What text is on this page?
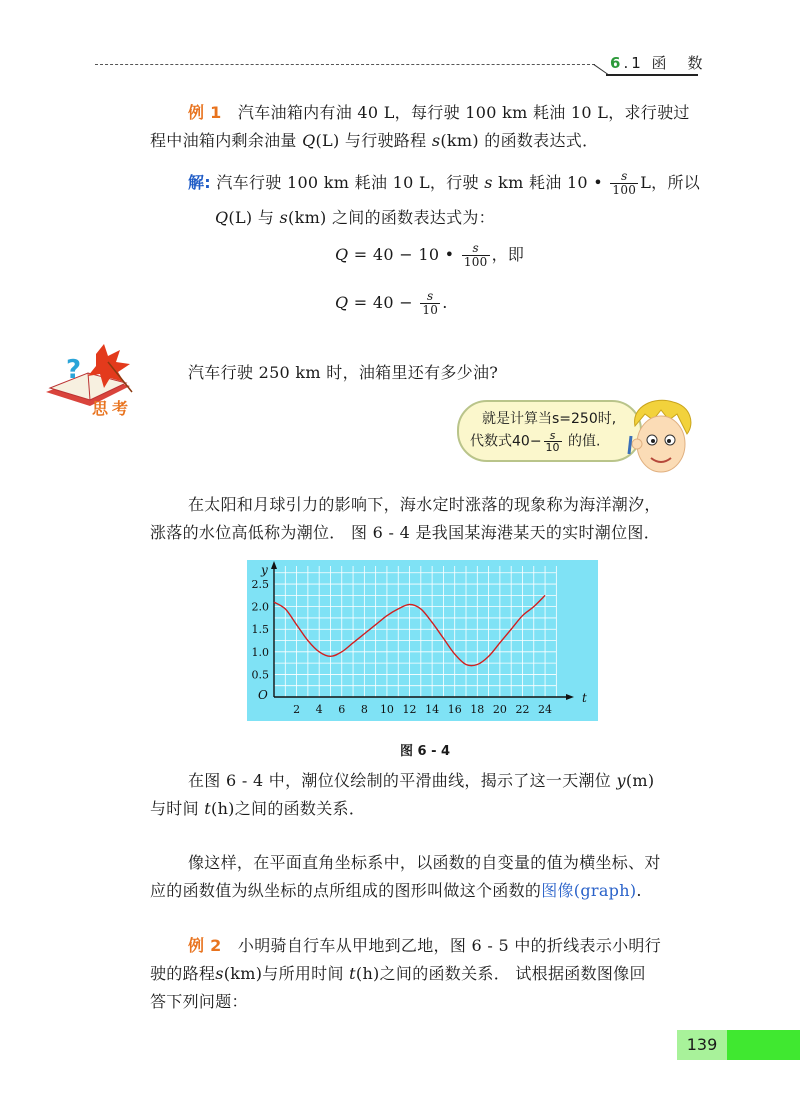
6.1 函　数
例 1　 汽车油箱内有油 40 L，每行驶 100 km 耗油 10 L，求行驶过
程中油箱内剩余油量 Q(L) 与行驶路程 s(km) 的函数表达式．
解: 汽车行驶 100 km 耗油 10 L，行驶 s km 耗油 10 • $\frac{s}{100}$ L，所以
Q(L) 与 s(km) 之间的函数表达式为：
Q = 40 − 10 • $\frac{s}{100}$ ，即
$Q = 40 - \frac{s}{10}$ .
?
思考
汽车行驶 250 km 时，油箱里还有多少油?
就是计算当s=250时,
代数式$40- \frac{s}{10}$ 的值.
在太阳和月球引力的影响下，海水定时涨落的现象称为海洋潮汐，
涨落的水位高低称为潮位． 图 6 - 4 是我国某海港某天的实时潮位图．
t
y
O
2 4 6 8 10 12 14 16 18 20 22 24
0.5
1.0
1.5
2.0
2.5
图 6 - 4
在图 6 - 4 中，潮位仪绘制的平滑曲线，揭示了这一天潮位 y(m)
与时间 t(h)之间的函数关系．
像这样，在平面直角坐标系中，以函数的自变量的值为横坐标、对
应的函数值为纵坐标的点所组成的图形叫做这个函数的图像(graph).
例 2　 小明骑自行车从甲地到乙地，图 6 - 5 中的折线表示小明行
驶的路程s(km)与所用时间 t(h)之间的函数关系． 试根据函数图像回
答下列问题：
139
